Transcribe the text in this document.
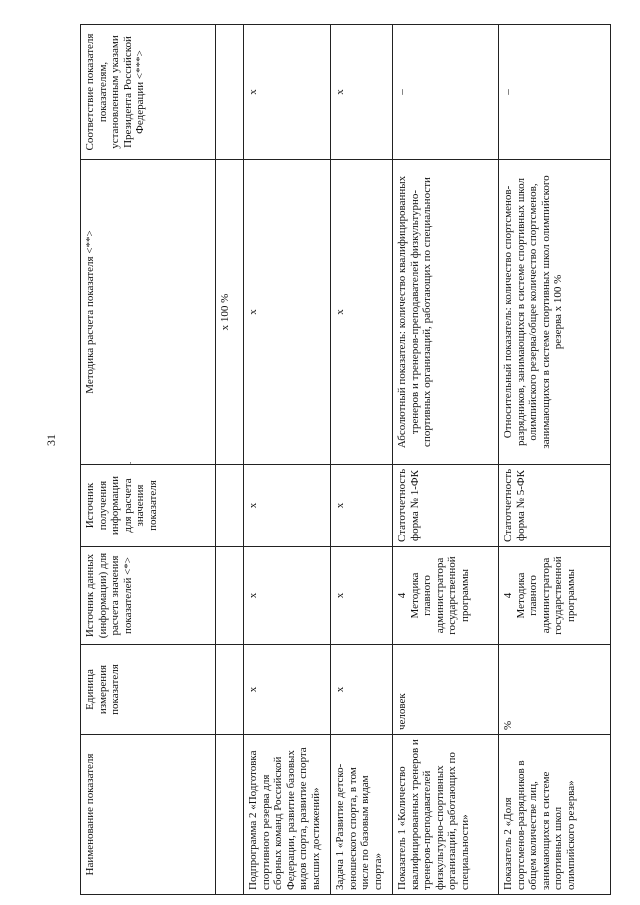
31
·
Наименование показателя	Единица измерения показателя	Источник данных (информации) для расчета значения показателей <*>	Источник получения информации для расчета значения показателя	Методика расчета показателя <**>	Соответствие показателя показателям, установленным указами Президента Российской Федерации <***>
				х 100 %	
Подпрограмма 2 «Подготовка спортивного резерва для сборных команд Российской Федерации, развитие базовых видов спорта, развитие спорта высших достижений»	х	х	х	х	х
Задача 1 «Развитие детско-юношеского спорта, в том числе по базовым видам спорта»	х	х	х	х	х
Показатель 1 «Количество квалифицированных тренеров и тренеров-преподавателей физкультурно-спортивных организаций, работающих по специальности»	человек	4 Методика главного администратора государственной программы	Статотчетность форма № 1-ФК	Абсолютный показатель: количество квалифицированных тренеров и тренеров-преподавателей физкультурно-спортивных организаций, работающих по специальности	–
Показатель 2 «Доля спортсменов-разрядников в общем количестве лиц, занимающихся в системе спортивных школ олимпийского резерва»	%	4 Методика главного администратора государственной программы	Статотчетность форма № 5-ФК	Относительный показатель: количество спортсменов-разрядников, занимающихся в системе спортивных школ олимпийского резерва/общее количество спортсменов, занимающихся в системе спортивных школ олимпийского резерва х 100 %	–
